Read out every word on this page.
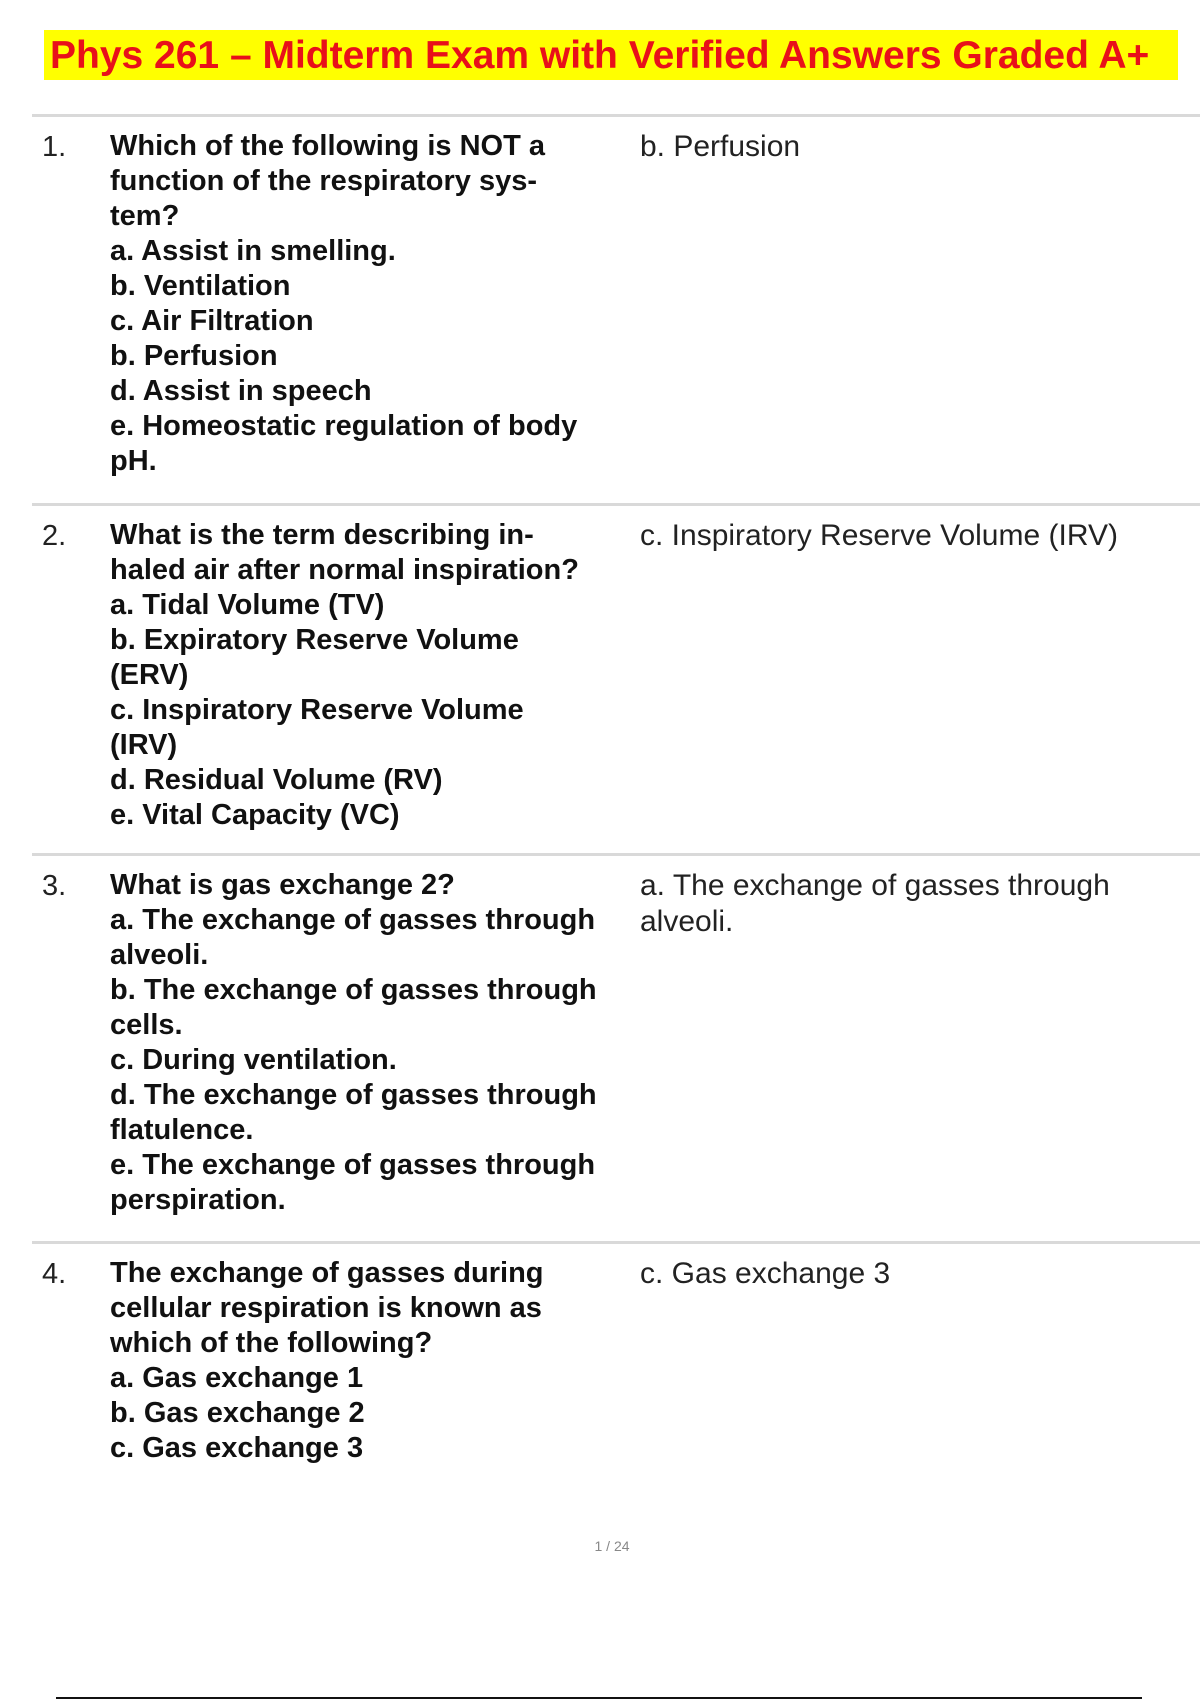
Phys 261 – Midterm Exam with Verified Answers Graded A+
1. Which of the following is NOT a

function of the respiratory sys-

tem?

a. Assist in smelling.

b. Ventilation

c. Air Filtration

b. Perfusion

d. Assist in speech

e. Homeostatic regulation of body

pH.

b. Perfusion
2. What is the term describing in-

haled air after normal inspiration?

a. Tidal Volume (TV)

b. Expiratory Reserve Volume

(ERV)

c. Inspiratory Reserve Volume

(IRV)

d. Residual Volume (RV)

e. Vital Capacity (VC)

c. Inspiratory Reserve Volume (IRV)
3. What is gas exchange 2?

a. The exchange of gasses through

alveoli.

b. The exchange of gasses through

cells.

c. During ventilation.

d. The exchange of gasses through

flatulence.

e. The exchange of gasses through

perspiration.

a. The exchange of gasses through
alveoli.
4. The exchange of gasses during

cellular respiration is known as

which of the following?

a. Gas exchange 1

b. Gas exchange 2

c. Gas exchange 3

c. Gas exchange 3
1 / 24
